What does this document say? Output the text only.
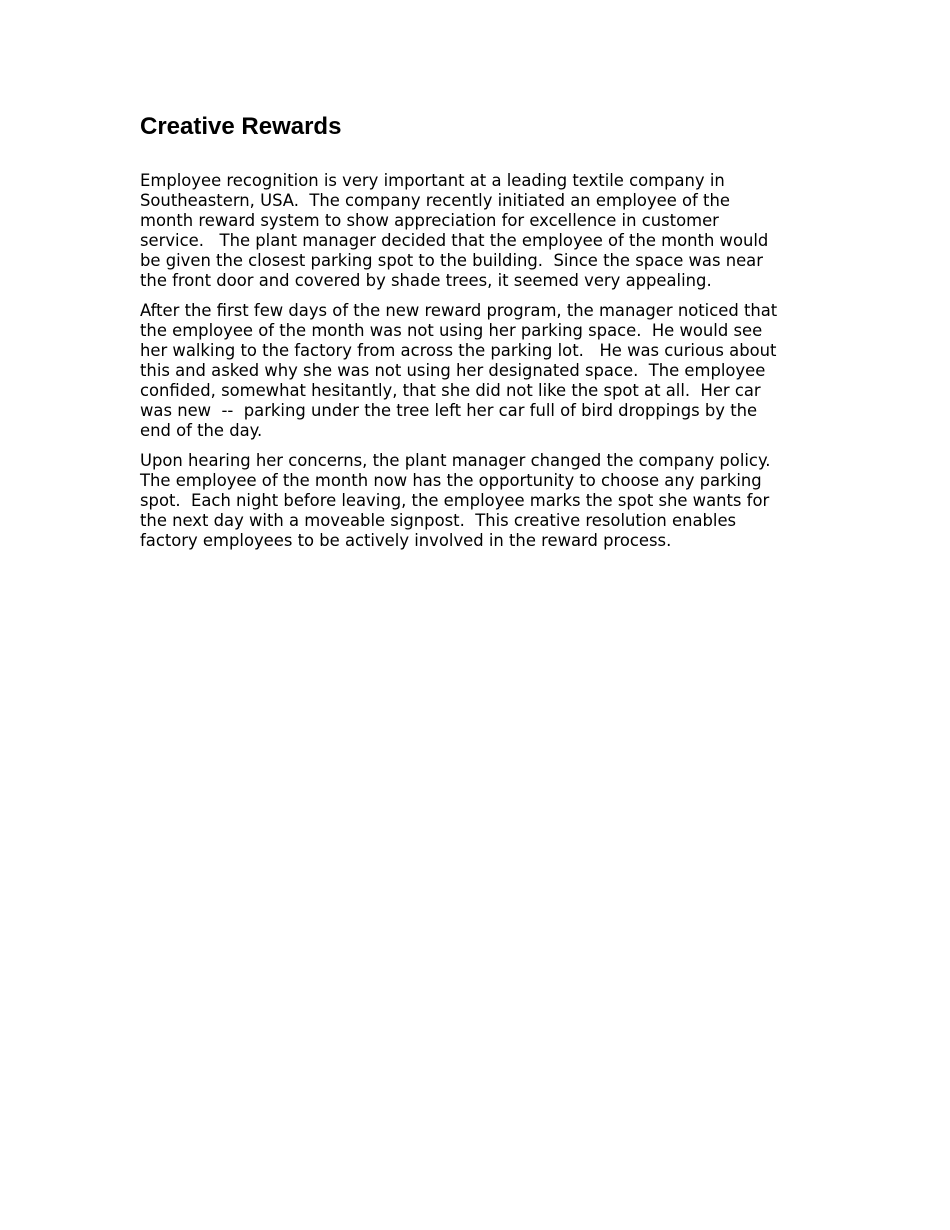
Creative Rewards
Employee recognition is very important at a leading textile company in
Southeastern, USA.  The company recently initiated an employee of the
month reward system to show appreciation for excellence in customer
service.   The plant manager decided that the employee of the month would
be given the closest parking spot to the building.  Since the space was near
the front door and covered by shade trees, it seemed very appealing.
After the first few days of the new reward program, the manager noticed that
the employee of the month was not using her parking space.  He would see
her walking to the factory from across the parking lot.   He was curious about
this and asked why she was not using her designated space.  The employee
confided, somewhat hesitantly, that she did not like the spot at all.  Her car
was new  --  parking under the tree left her car full of bird droppings by the
end of the day.
Upon hearing her concerns, the plant manager changed the company policy.
The employee of the month now has the opportunity to choose any parking
spot.  Each night before leaving, the employee marks the spot she wants for
the next day with a moveable signpost.  This creative resolution enables
factory employees to be actively involved in the reward process.
